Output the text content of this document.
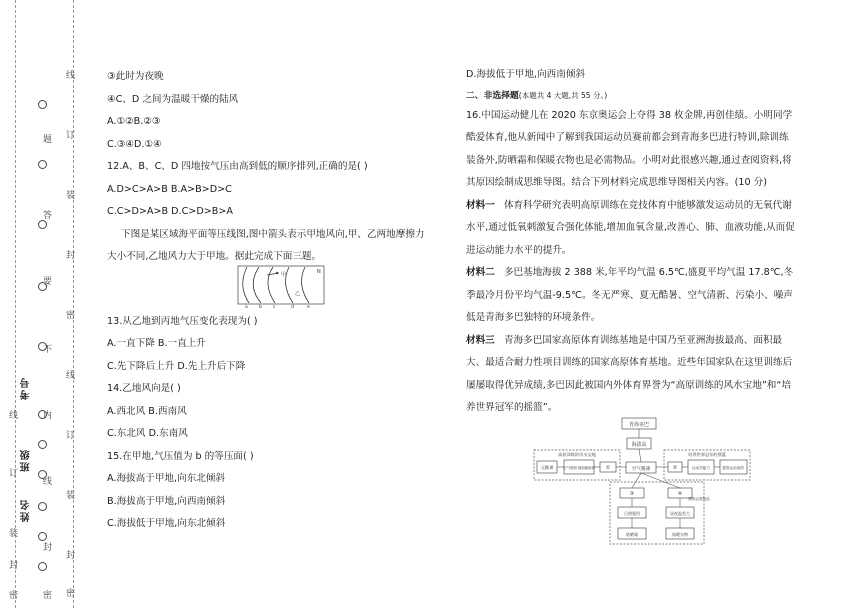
线
订
装
封
密
线
订
装
封
密
题
答
要
不
内
线
封
密
线
订
装
封
密
考号
班级
姓名
③此时为夜晚
④C、D 之间为温暖干燥的陆风
A.①②B.②③
C.③④D.①④
12.A、B、C、D 四地按气压由高到低的顺序排列,正确的是( )
A.D>C>A>B B.A>B>D>C
C.C>D>A>B D.C>D>B>A
下图是某区域海平面等压线图,图中箭头表示甲地风向,甲、乙两地摩擦力
大小不同,乙地风力大于甲地。据此完成下面三题。
甲
乙
a b c	d	e
N
13.从乙地到丙地气压变化表现为( )
A.一直下降 B.一直上升
C.先下降后上升 D.先上升后下降
14.乙地风向是( )
A.西北风 B.西南风
C.东北风 D.东南风
15.在甲地,气压值为 b 的等压面( )
A.海拔高于甲地,向东北倾斜
B.海拔高于甲地,向西南倾斜
C.海拔低于甲地,向东北倾斜
D.海拔低于甲地,向西南倾斜
二、非选择题(本题共 4 大题,共 55 分。)
16.中国运动健儿在 2020 东京奥运会上夺得 38 枚金牌,再创佳绩。小明同学酷爱体育,他从新闻中了解到我国运动员赛前都会到青海多巴进行特训,除训练装备外,防晒霜和保暖衣物也是必需物品。小明对此很感兴趣,通过查阅资料,将其原因绘制成思维导图。结合下列材料完成思维导图相关内容。(10 分)
材料一 体育科学研究表明高原训练在竞技体育中能够激发运动员的无氧代谢水平,通过低氧刺激复合强化体能,增加血氧含量,改善心、肺、血液功能,从而促进运动能力水平的提升。
材料二 多巴基地海拔 2 388 米,年平均气温 6.5℃,盛夏平均气温 17.8℃,冬季最冷月份平均气温-9.5℃。冬无严寒、夏无酷暑、空气清新、污染小、噪声低是青海多巴独特的环境条件。
材料三 青海多巴国家高原体育训练基地是中国乃至亚洲海拔最高、面积最大、最适合耐力性项目训练的国家高原体育基地。近些年国家队在这里训练后屡屡取得优异成绩,多巴因此被国内外体育界誉为“高原训练的风水宝地”和“培养世界冠军的摇篮”。
青海多巴
海拔高
高原训练的风水宝地
无酷暑	大气削弱 地面辐射弱 ①	空气稀薄
培养世界冠军的摇篮
②	运动员能力	提高运动成绩
③	④
携带必需物品
日照强烈	昼夜温差大
防晒霜	保暖衣物
